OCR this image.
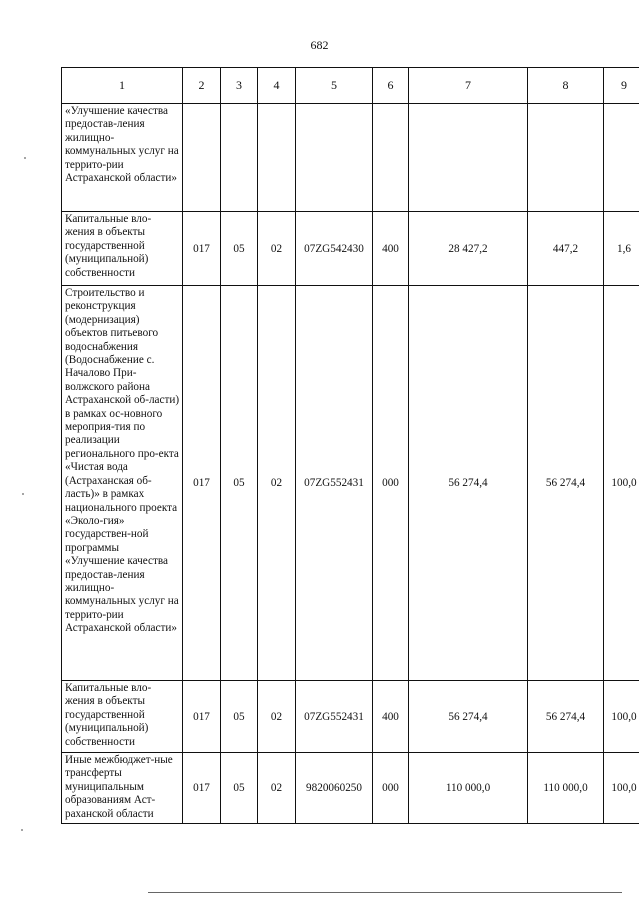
682
1	2	3	4	5	6	7	8	9
«Улучшение качества предостав-ления жилищно-коммунальных услуг на террито-рии Астраханской области»								
Капитальные вло-жения в объекты государственной (муниципальной) собственности	017	05	02	07ZG542430	400	28 427,2	447,2	1,6
Строительство и реконструкция (модернизация) объектов питьевого водоснабжения (Водоснабжение с. Началово При-волжского района Астраханской об-ласти) в рамках ос-новного мероприя-тия по реализации регионального про-екта «Чистая вода (Астраханская об-ласть)» в рамках национального проекта «Эколо-гия» государствен-ной программы «Улучшение качества предостав-ления жилищно-коммунальных услуг на террито-рии Астраханской области»	017	05	02	07ZG552431	000	56 274,4	56 274,4	100,0
Капитальные вло-жения в объекты государственной (муниципальной) собственности	017	05	02	07ZG552431	400	56 274,4	56 274,4	100,0
Иные межбюджет-ные трансферты муниципальным образованиям Аст-раханской области	017	05	02	9820060250	000	110 000,0	110 000,0	100,0
